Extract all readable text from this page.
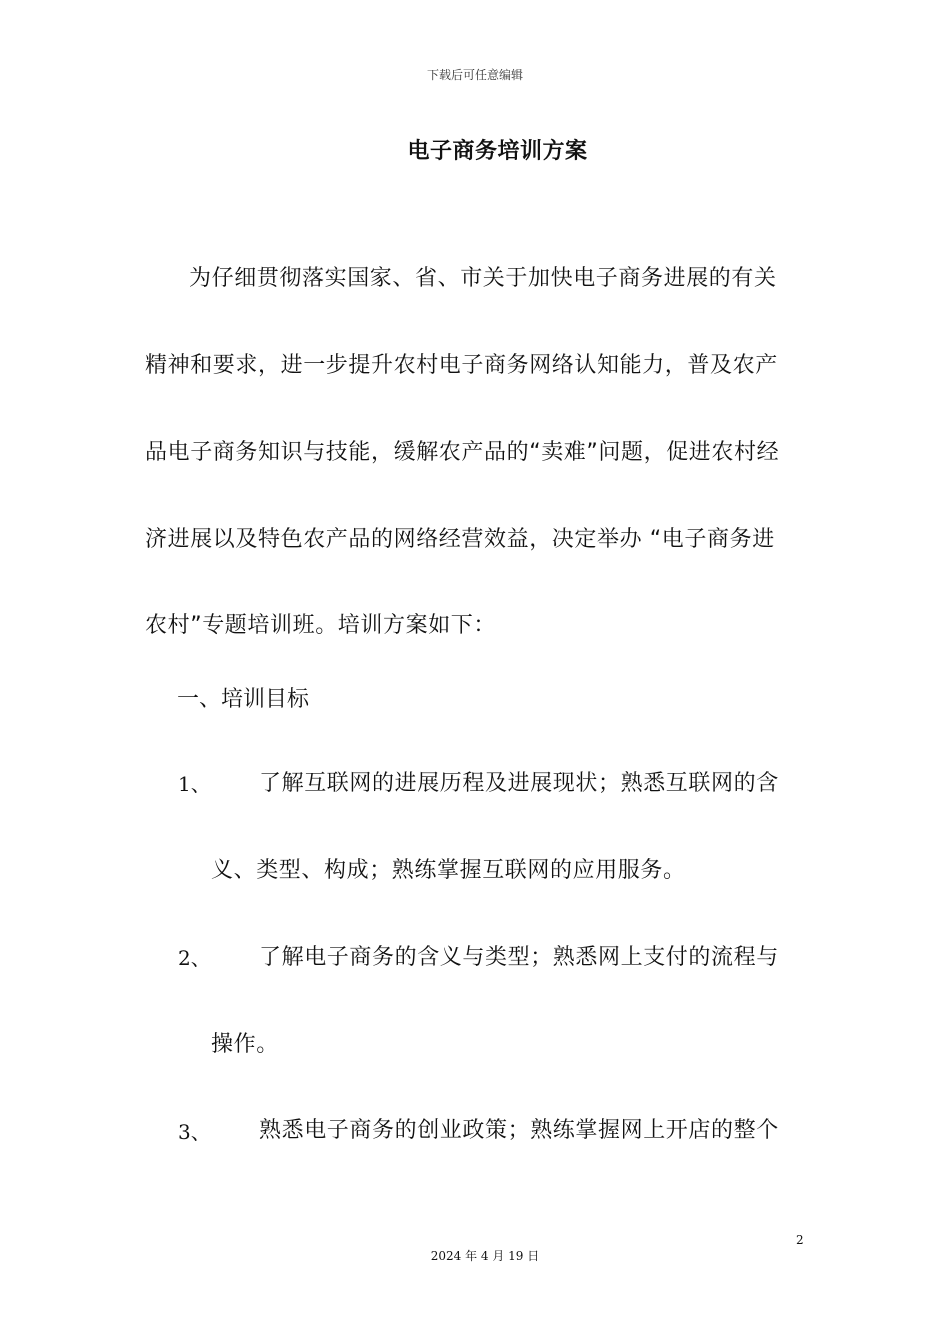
下载后可任意编辑
电子商务培训方案
为仔细贯彻落实国家、省、市关于加快电子商务进展的有关
精神和要求，进一步提升农村电子商务网络认知能力，普及农产
品电子商务知识与技能，缓解农产品的“卖难”问题，促进农村经
济进展以及特色农产品的网络经营效益，决定举办 “电子商务进
农村”专题培训班。培训方案如下：
一、培训目标
1、 了解互联网的进展历程及进展现状；熟悉互联网的含
义、类型、构成；熟练掌握互联网的应用服务。
2、 了解电子商务的含义与类型；熟悉网上支付的流程与
操作。
3、 熟悉电子商务的创业政策；熟练掌握网上开店的整个
2
2024 年 4 月 19 日
